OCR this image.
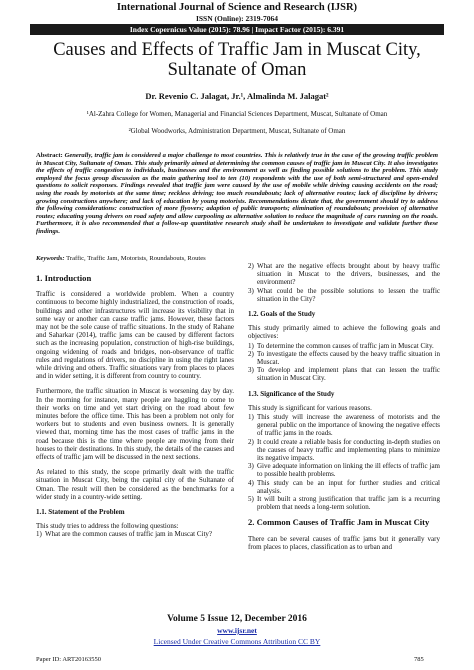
International Journal of Science and Research (IJSR)
ISSN (Online): 2319-7064
Index Copernicus Value (2015): 78.96 | Impact Factor (2015): 6.391
Causes and Effects of Traffic Jam in Muscat City, Sultanate of Oman
Dr. Revenio C. Jalagat, Jr.¹, Almalinda M. Jalagat²
¹Al-Zahra College for Women, Managerial and Financial Sciences Department, Muscat, Sultanate of Oman
²Global Woodworks, Administration Department, Muscat, Sultanate of Oman
Abstract: Generally, traffic jam is considered a major challenge to most countries. This is relatively true in the case of the growing traffic problem in Muscat City, Sultanate of Oman. This study primarily aimed at determining the common causes of traffic jam in Muscat City. It also investigates the effects of traffic congestion to individuals, businesses and the environment as well as finding possible solutions to the problem. This study employed the focus group discussion as the main gathering tool to ten (10) respondents with the use of both semi-structured and open-ended questions to solicit responses. Findings revealed that traffic jam were caused by the use of mobile while driving causing accidents on the road; using the roads by motorists at the same time; reckless driving; too much roundabouts; lack of alternative routes; lack of discipline by drivers; growing constructions anywhere; and lack of education by young motorists. Recommendations dictate that, the government should try to address the following considerations: construction of more flyovers; adaption of public transports; elimination of roundabouts; provision of alternative routes; educating young drivers on road safety and allow carpooling as alternative solution to reduce the magnitude of cars running on the roads. Furthermore, it is also recommended that a follow-up quantitative research study shall be undertaken to investigate and validate further these findings.
Keywords: Traffic, Traffic Jam, Motorists, Roundabouts, Routes
1. Introduction
Traffic is considered a worldwide problem. When a country continuous to become highly industrialized, the construction of roads, buildings and other infrastructures will increase its visibility that in some way or another can cause traffic jams. However, these factors may not be the sole cause of traffic situations. In the study of Rahane and Saharkar (2014), traffic jams can be caused by different factors such as the increasing population, construction of high-rise buildings, ongoing widening of roads and bridges, non-observance of traffic rules and regulations of drivers, no discipline in using the right lanes while driving and others. Traffic situations vary from places to places and in wider setting, it is different from country to country.
Furthermore, the traffic situation in Muscat is worsening day by day. In the morning for instance, many people are haggling to come to their works on time and yet start driving on the road about few minutes before the office time. This has been a problem not only for workers but to students and even business owners. It is generally viewed that, morning time has the most cases of traffic jams in the road because this is the time where people are moving from their houses to their destinations. In this study, the details of the causes and effects of traffic jam will be discussed in the next sections.
As related to this study, the scope primarily dealt with the traffic situation in Muscat City, being the capital city of the Sultanate of Oman. The result will then be considered as the benchmarks for a wider study in a country-wide setting.
1.1. Statement of the Problem
This study tries to address the following questions:
1) What are the common causes of traffic jam in Muscat City?
2) What are the negative effects brought about by heavy traffic situation in Muscat to the drivers, businesses, and the environment?
3) What could be the possible solutions to lessen the traffic situation in the City?
1.2. Goals of the Study
This study primarily aimed to achieve the following goals and objectives:
1) To determine the common causes of traffic jam in Muscat City.
2) To investigate the effects caused by the heavy traffic situation in Muscat.
3) To develop and implement plans that can lessen the traffic situation in Muscat City.
1.3. Significance of the Study
This study is significant for various reasons.
1) This study will increase the awareness of motorists and the general public on the importance of knowing the negative effects of traffic jams in the roads.
2) It could create a reliable basis for conducting in-depth studies on the causes of heavy traffic and implementing plans to minimize its negative impacts.
3) Give adequate information on linking the ill effects of traffic jam to possible health problems.
4) This study can be an input for further studies and critical analysis.
5) It will built a strong justification that traffic jam is a recurring problem that needs a long-term solution.
2. Common Causes of Traffic Jam in Muscat City
There can be several causes of traffic jams but it generally vary from places to places, classification as to urban and
Volume 5 Issue 12, December 2016
www.ijsr.net
Licensed Under Creative Commons Attribution CC BY
Paper ID: ART20163550	785
